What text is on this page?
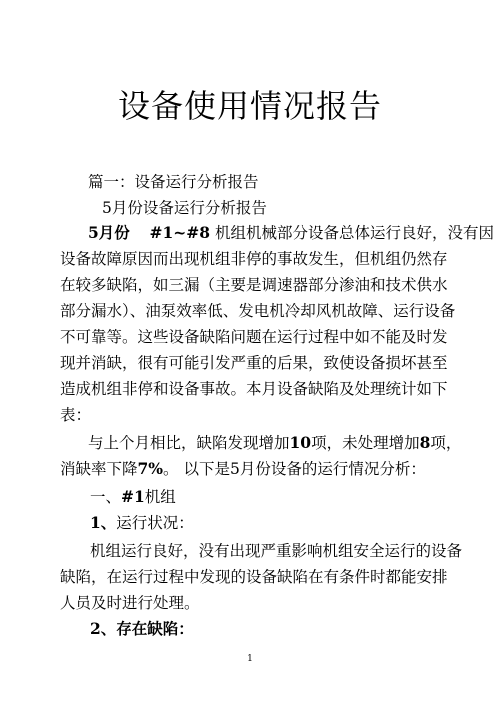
设备使用情况报告
篇一：设备运行分析报告
5月份设备运行分析报告
5月份 #1~#8 机组机械部分设备总体运行良好，没有因
设备故障原因而出现机组非停的事故发生，但机组仍然存
在较多缺陷，如三漏（主要是调速器部分渗油和技术供水
部分漏水）、油泵效率低、发电机冷却风机故障、运行设备
不可靠等。这些设备缺陷问题在运行过程中如不能及时发
现并消缺，很有可能引发严重的后果，致使设备损坏甚至
造成机组非停和设备事故。本月设备缺陷及处理统计如下
表：
与上个月相比，缺陷发现增加10项，未处理增加8项，
消缺率下降7%。 以下是5月份设备的运行情况分析：
一、#1机组
1、运行状况：
机组运行良好，没有出现严重影响机组安全运行的设备
缺陷，在运行过程中发现的设备缺陷在有条件时都能安排
人员及时进行处理。
2、存在缺陷：
1
